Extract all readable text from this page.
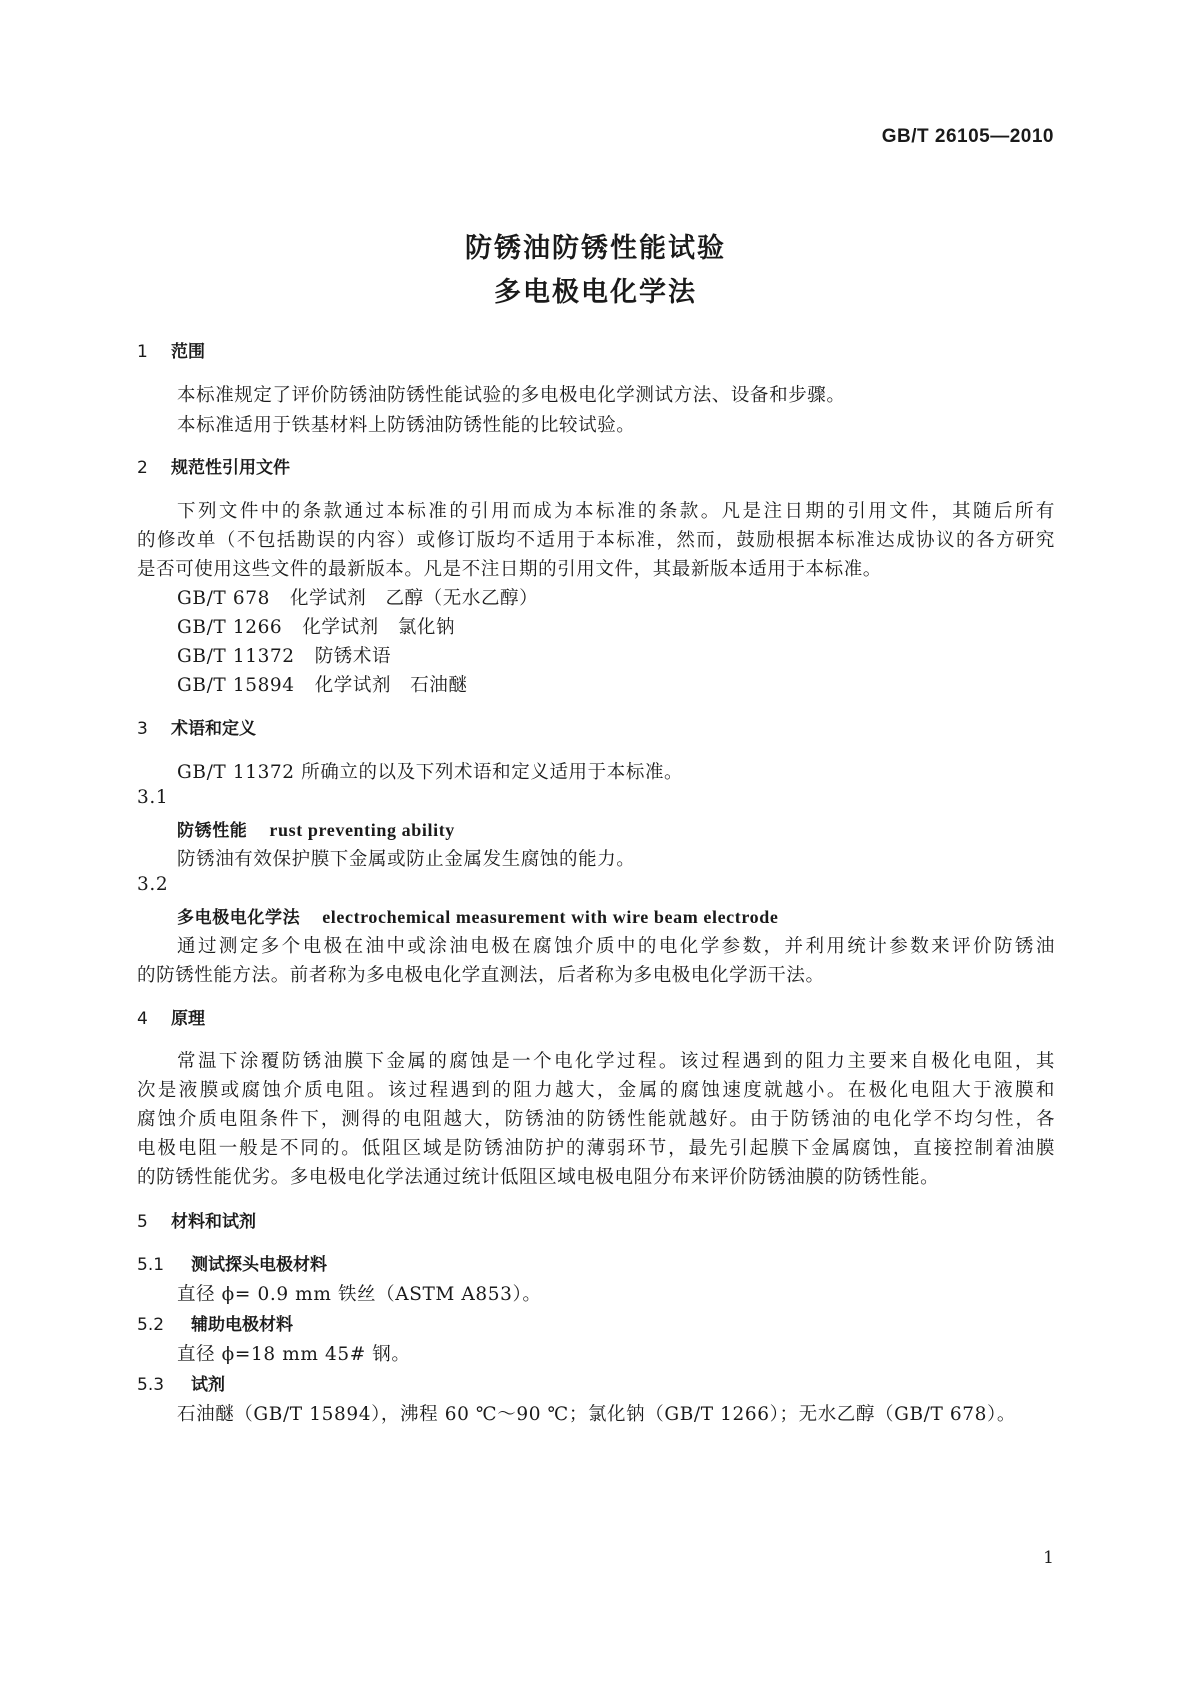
GB/T 26105—2010
防锈油防锈性能试验
多电极电化学法
1 范围
本标准规定了评价防锈油防锈性能试验的多电极电化学测试方法、设备和步骤。
本标准适用于铁基材料上防锈油防锈性能的比较试验。
2 规范性引用文件
下列文件中的条款通过本标准的引用而成为本标准的条款。凡是注日期的引用文件，其随后所有
的修改单（不包括勘误的内容）或修订版均不适用于本标准，然而，鼓励根据本标准达成协议的各方研究
是否可使用这些文件的最新版本。凡是不注日期的引用文件，其最新版本适用于本标准。
GB/T 678 化学试剂　乙醇（无水乙醇）
GB/T 1266 化学试剂　氯化钠
GB/T 11372 防锈术语
GB/T 15894 化学试剂　石油醚
3 术语和定义
GB/T 11372 所确立的以及下列术语和定义适用于本标准。
3.1
防锈性能 rust preventing ability
防锈油有效保护膜下金属或防止金属发生腐蚀的能力。
3.2
多电极电化学法 electrochemical measurement with wire beam electrode
通过测定多个电极在油中或涂油电极在腐蚀介质中的电化学参数，并利用统计参数来评价防锈油
的防锈性能方法。前者称为多电极电化学直测法，后者称为多电极电化学沥干法。
4 原理
常温下涂覆防锈油膜下金属的腐蚀是一个电化学过程。该过程遇到的阻力主要来自极化电阻，其
次是液膜或腐蚀介质电阻。该过程遇到的阻力越大，金属的腐蚀速度就越小。在极化电阻大于液膜和
腐蚀介质电阻条件下，测得的电阻越大，防锈油的防锈性能就越好。由于防锈油的电化学不均匀性，各
电极电阻一般是不同的。低阻区域是防锈油防护的薄弱环节，最先引起膜下金属腐蚀，直接控制着油膜
的防锈性能优劣。多电极电化学法通过统计低阻区域电极电阻分布来评价防锈油膜的防锈性能。
5 材料和试剂
5.1 测试探头电极材料
直径 ϕ= 0.9 mm 铁丝（ASTM A853）。
5.2 辅助电极材料
直径 ϕ=18 mm 45# 钢。
5.3 试剂
石油醚（GB/T 15894），沸程 60 ℃～90 ℃；氯化钠（GB/T 1266）；无水乙醇（GB/T 678）。
1
